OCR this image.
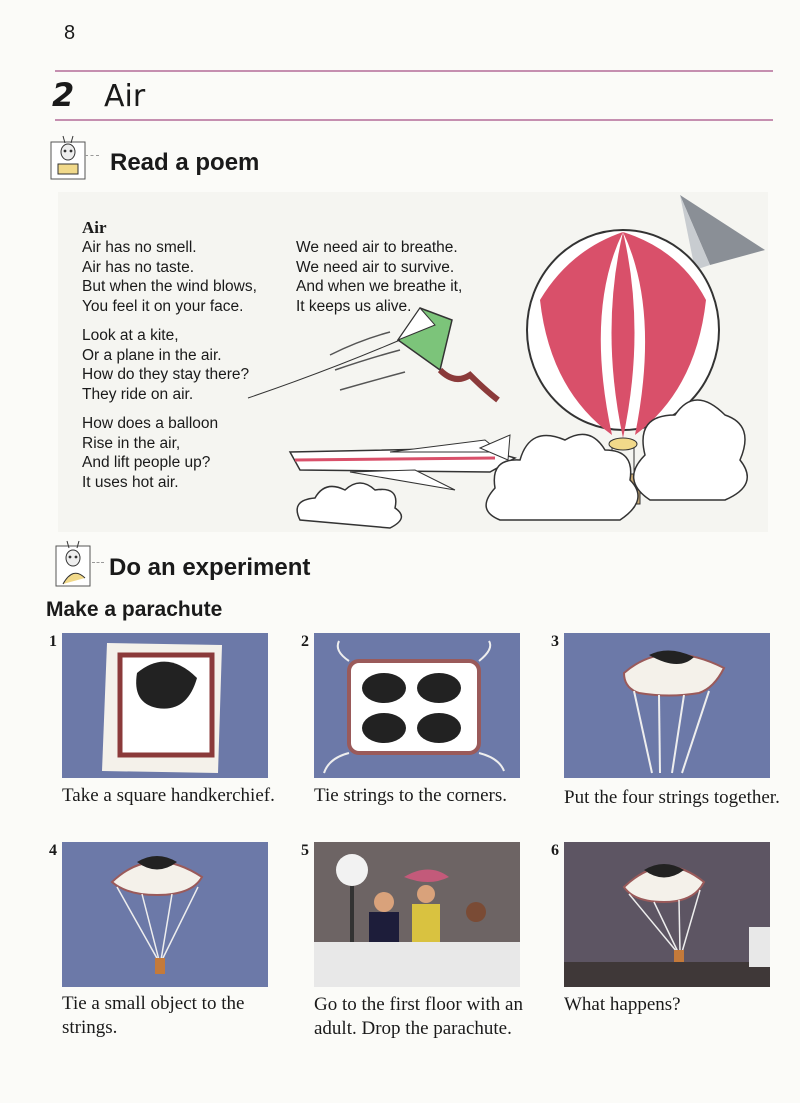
8
2 Air
Read a poem

Air

Air has no smell.

Air has no taste.

But when the wind blows,

You feel it on your face.

Look at a kite,

Or a plane in the air.

How do they stay there?

They ride on air.

How does a balloon

Rise in the air,

And lift people up?

It uses hot air.

We need air to breathe.

We need air to survive.

And when we breathe it,

It keeps us alive.

Do an experiment
Make a parachute
1
Take a square handkerchief.
2
Tie strings to the corners.
3
Put the four strings together.
4
Tie a small object to the strings.
5
Go to the first floor with an adult. Drop the parachute.
6
What happens?
